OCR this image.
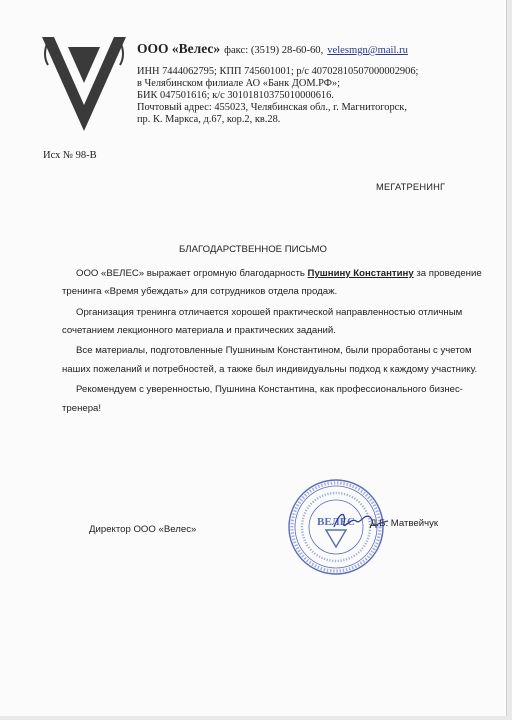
ООО «Велес» факс: (3519) 28-60-60, velesmgn@mail.ru
ИНН 7444062795; КПП 745601001; р/с 40702810507000002906;
в Челябинском филиале АО «Банк ДОМ.РФ»;
БИК 047501616; к/с 30101810375010000616.
Почтовый адрес: 455023, Челябинская обл., г. Магнитогорск,
пр. К. Маркса, д.67, кор.2, кв.28.
Исх № 98-В
МЕГАТРЕНИНГ
БЛАГОДАРСТВЕННОЕ ПИСЬМО
ООО «ВЕЛЕС» выражает огромную благодарность Пушнину Константину за проведение
тренинга «Время убеждать» для сотрудников отдела продаж.
Организация тренинга отличается хорошей практической направленностью отличным
сочетанием лекционного материала и практических заданий.
Все материалы, подготовленные Пушниным Константином, были проработаны с учетом
наших пожеланий и потребностей, а также был индивидуальны подход к каждому участнику.
Рекомендуем с уверенностью, Пушнина Константина, как профессионального бизнес-
тренера!
Директор ООО «Велес»
ВЕЛЕС Д.Б. Матвейчук
